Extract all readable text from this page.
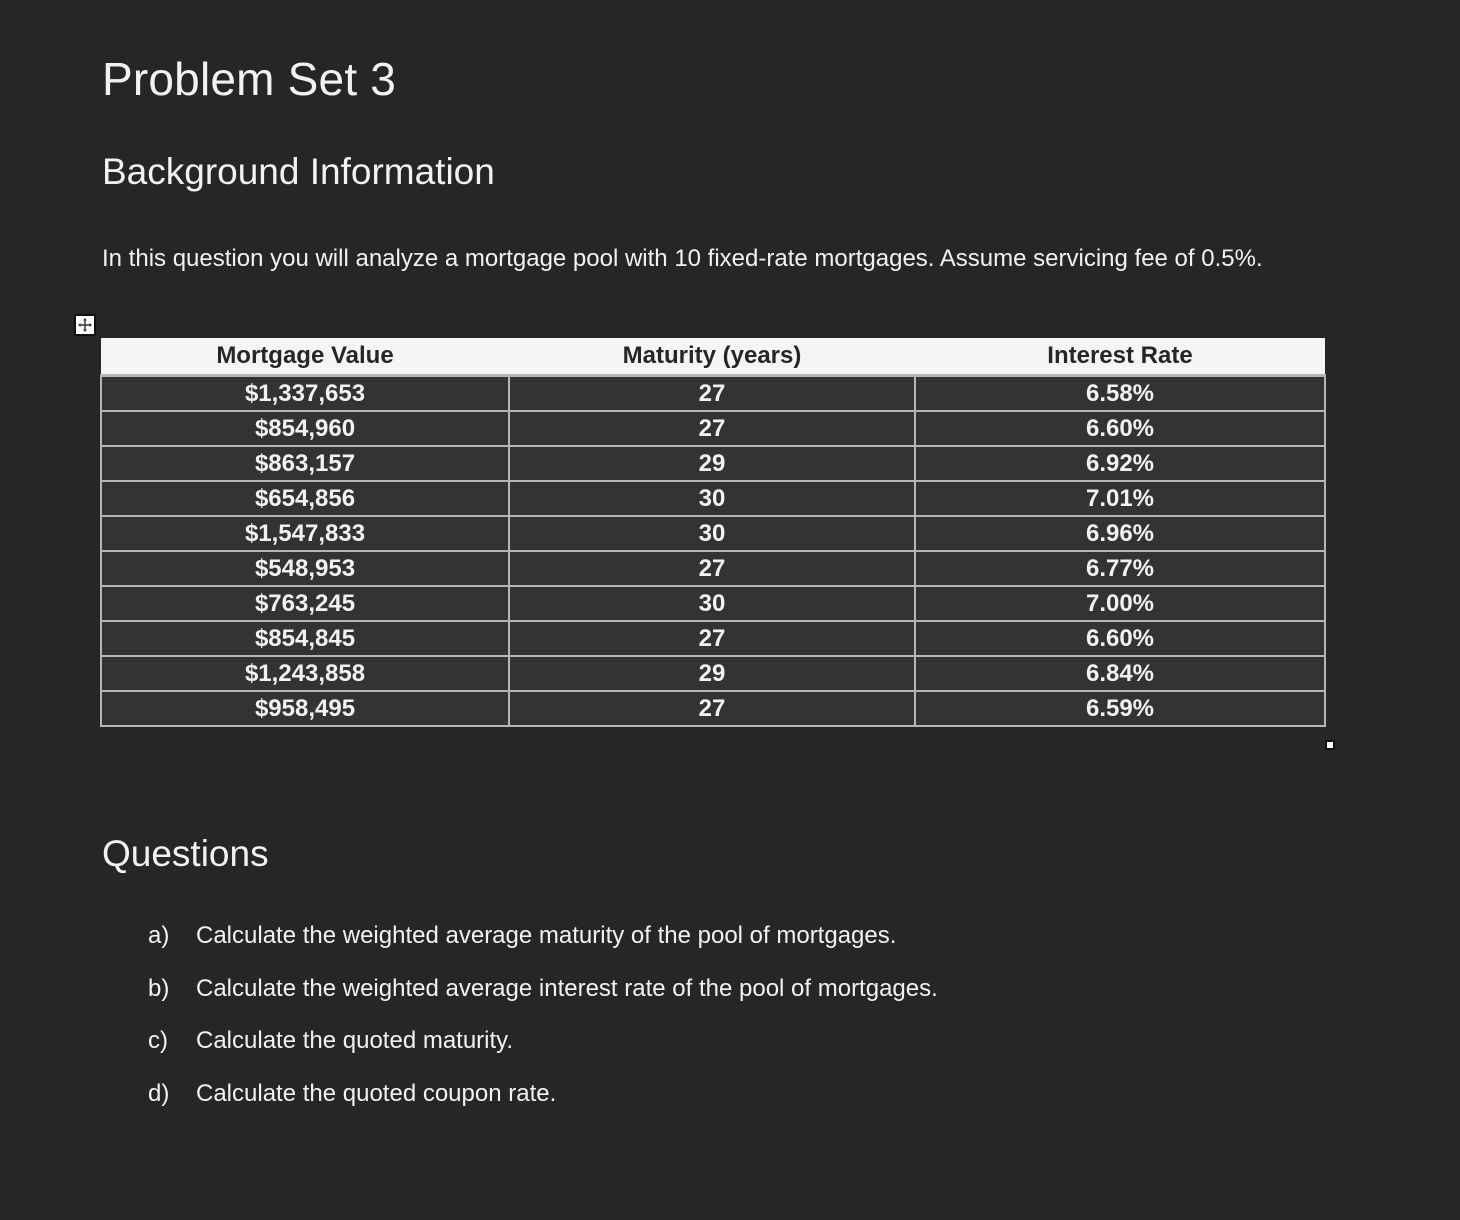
Problem Set 3
Background Information

In this question you will analyze a mortgage pool with 10 fixed-rate mortgages. Assume servicing fee of 0.5%.

Mortgage Value	Maturity (years)	Interest Rate
$1,337,653	27	6.58%
$854,960	27	6.60%
$863,157	29	6.92%
$654,856	30	7.01%
$1,547,833	30	6.96%
$548,953	27	6.77%
$763,245	30	7.00%
$854,845	27	6.60%
$1,243,858	29	6.84%
$958,495	27	6.59%
Questions
a)	Calculate the weighted average maturity of the pool of mortgages.
b)	Calculate the weighted average interest rate of the pool of mortgages.
c)	Calculate the quoted maturity.
d)	Calculate the quoted coupon rate.
